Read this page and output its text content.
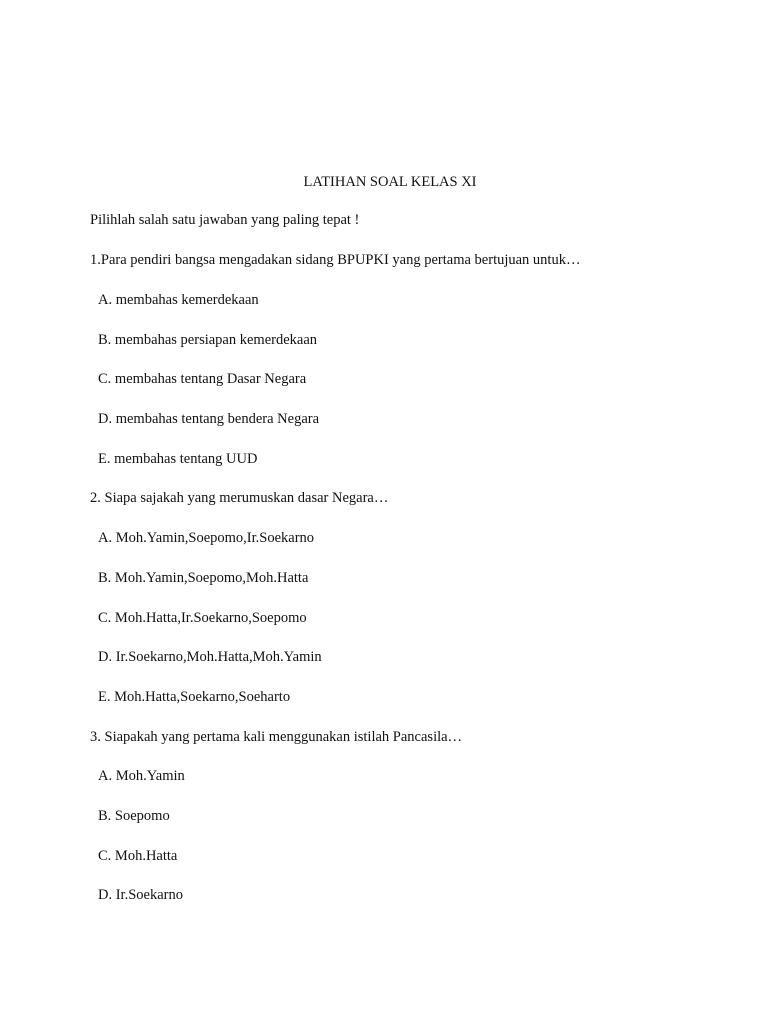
LATIHAN SOAL KELAS XI
Pilihlah salah satu jawaban yang paling tepat !
1.Para pendiri bangsa mengadakan sidang BPUPKI yang pertama bertujuan untuk…
A. membahas kemerdekaan
B. membahas persiapan kemerdekaan
C. membahas tentang Dasar Negara
D. membahas tentang bendera Negara
E. membahas tentang UUD
2. Siapa sajakah yang merumuskan dasar Negara…
A. Moh.Yamin,Soepomo,Ir.Soekarno
B. Moh.Yamin,Soepomo,Moh.Hatta
C. Moh.Hatta,Ir.Soekarno,Soepomo
D. Ir.Soekarno,Moh.Hatta,Moh.Yamin
E. Moh.Hatta,Soekarno,Soeharto
3. Siapakah yang pertama kali menggunakan istilah Pancasila…
A. Moh.Yamin
B. Soepomo
C. Moh.Hatta
D. Ir.Soekarno
